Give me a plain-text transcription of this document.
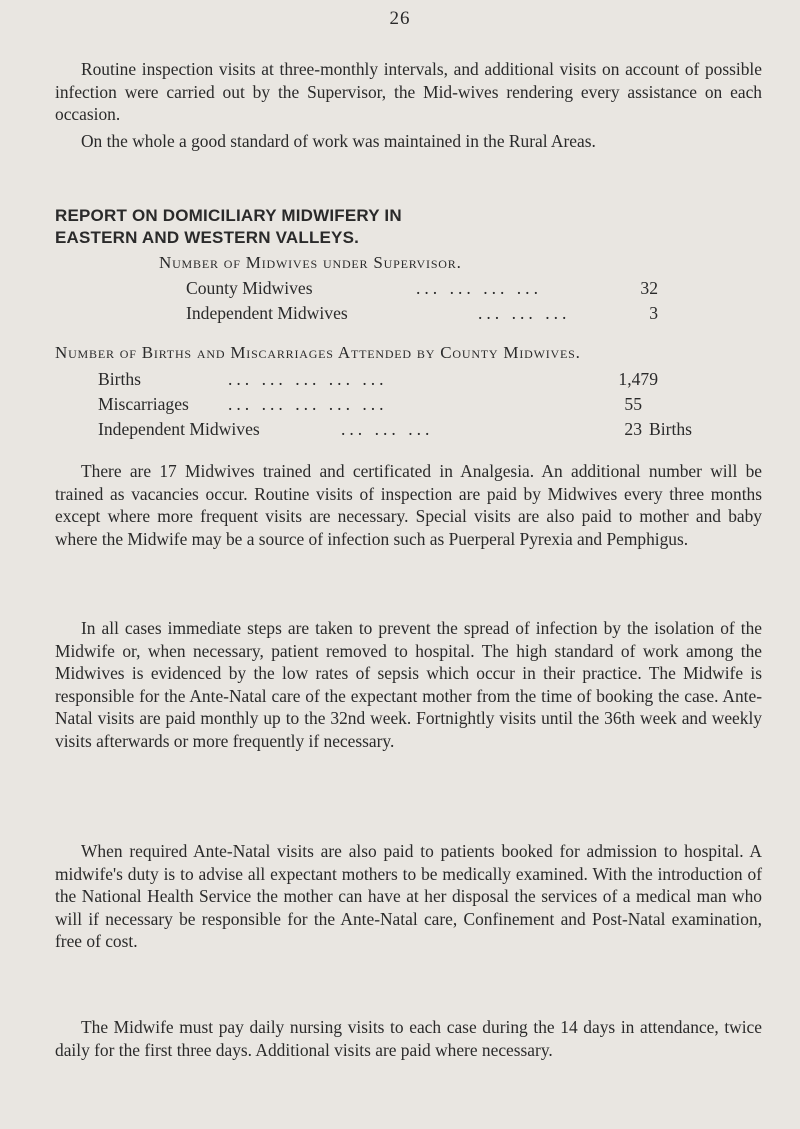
26

Routine inspection visits at three-monthly intervals, and additional visits on account of possible infection were carried out by the Supervisor, the Mid-wives rendering every assistance on each occasion.

On the whole a good standard of work was maintained in the Rural Areas.

REPORT ON DOMICILIARY MIDWIFERY IN

EASTERN AND WESTERN VALLEYS.

Number of Midwives under Supervisor.
County Midwives	... ... ... ...	32
Independent Midwives	... ... ...	3
Number of Births and Miscarriages Attended by County Midwives.
Births	... ... ... ... ...	1,479
Miscarriages ... ... ... ... ...	55
Independent Midwives	... ... ...	23 Births

There are 17 Midwives trained and certificated in Analgesia. An additional number will be trained as vacancies occur. Routine visits of inspection are paid by Midwives every three months except where more frequent visits are necessary. Special visits are also paid to mother and baby where the Midwife may be a source of infection such as Puerperal Pyrexia and Pemphigus.

In all cases immediate steps are taken to prevent the spread of infection by the isolation of the Midwife or, when necessary, patient removed to hospital. The high standard of work among the Midwives is evidenced by the low rates of sepsis which occur in their practice. The Midwife is responsible for the Ante-Natal care of the expectant mother from the time of booking the case. Ante-Natal visits are paid monthly up to the 32nd week. Fortnightly visits until the 36th week and weekly visits afterwards or more frequently if necessary.

When required Ante-Natal visits are also paid to patients booked for admission to hospital. A midwife's duty is to advise all expectant mothers to be medically examined. With the introduction of the National Health Service the mother can have at her disposal the services of a medical man who will if necessary be responsible for the Ante-Natal care, Confinement and Post-Natal examination, free of cost.

The Midwife must pay daily nursing visits to each case during the 14 days in attendance, twice daily for the first three days. Additional visits are paid where necessary.
